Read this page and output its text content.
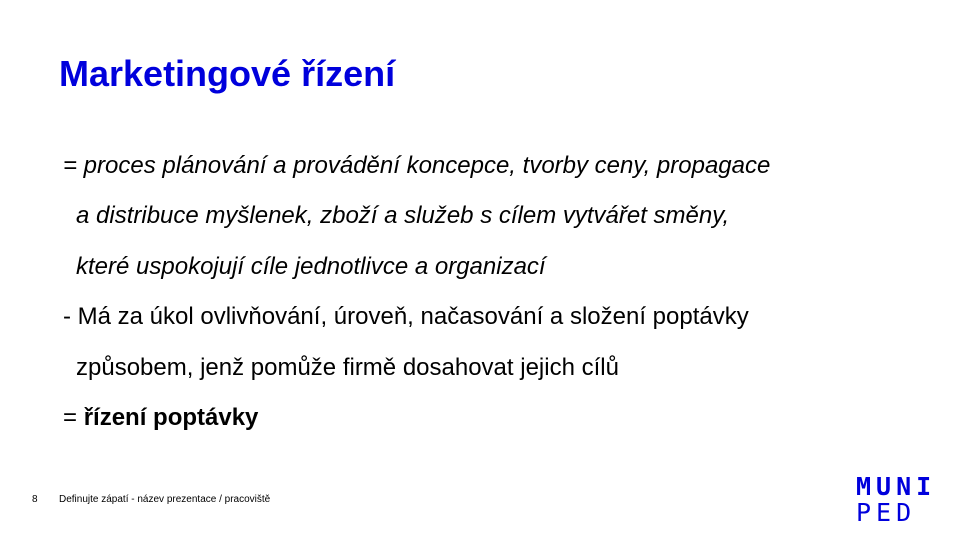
Marketingové řízení
= proces plánování a provádění koncepce, tvorby ceny, propagace
a distribuce myšlenek, zboží a služeb s cílem vytvářet směny,
které uspokojují cíle jednotlivce a organizací
- Má za úkol ovlivňování, úroveň, načasování a složení poptávky
způsobem, jenž pomůže firmě dosahovat jejich cílů
= řízení poptávky
8 Definujte zápatí - název prezentace / pracoviště	MUNI
PED
